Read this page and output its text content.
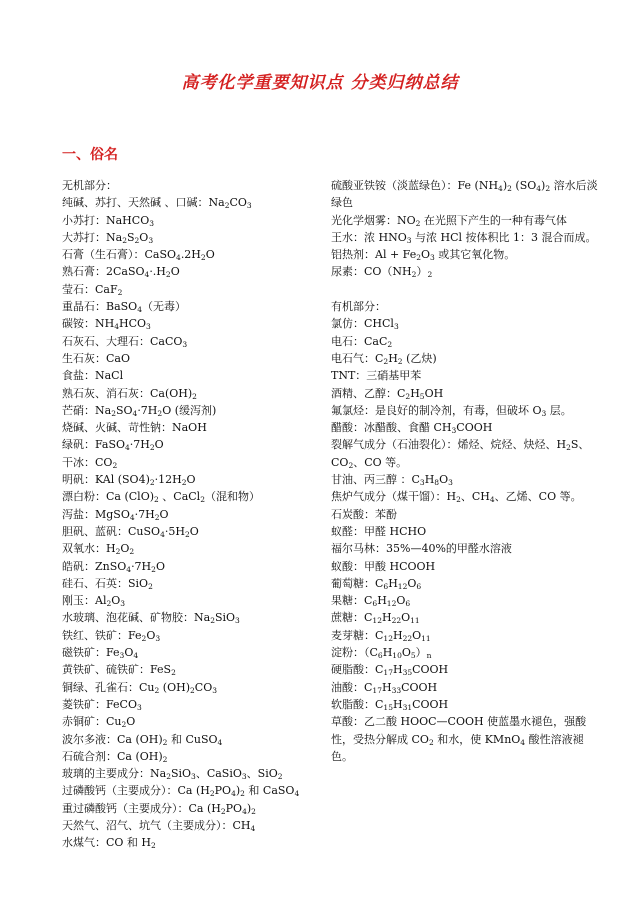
高考化学重要知识点 分类归纳总结
一、俗名
无机部分：
纯碱、苏打、天然碱 、口碱：$Na_2CO_3$
小苏打：NaHCO$_3$
大苏打：$Na_2S_2O_3$
石膏（生石膏）：$CaSO_4.2H_2O$
熟石膏：$2CaSO_4\cdot.H_2O$
莹石：CaF$_2$
重晶石：BaSO$_4$（无毒）
碳铵：$NH_4HCO_3$
石灰石、大理石：CaCO$_3$
生石灰：CaO
食盐：NaCl
熟石灰、消石灰：$Ca(OH)_2$
芒硝：$Na_2SO_4\cdot 7H_2O$ (缓泻剂)
烧碱、火碱、苛性钠：NaOH
绿矾：$FaSO_4\cdot 7H_2O$
干冰：$CO_2$
明矾：KAl $(SO4)_2\cdot 12H_2O$
漂白粉：Ca $(ClO)_2$ 、CaCl$_2$（混和物）
泻盐：$MgSO_4\cdot 7H_2O$
胆矾、蓝矾：$CuSO_4\cdot 5H_2O$
双氧水：$H_2O_2$
皓矾：$ZnSO_4\cdot 7H_2O$
硅石、石英：SiO$_2$
刚玉：$Al_2O_3$
水玻璃、泡花碱、矿物胶：$Na_2SiO_3$
铁红、铁矿：$Fe_2O_3$
磁铁矿：$Fe_3O_4$
黄铁矿、硫铁矿：FeS$_2$
铜绿、孔雀石：$Cu_2$ $(OH)_2CO_3$
菱铁矿：FeCO$_3$
赤铜矿：$Cu_2O$
波尔多液：Ca $(OH)_2$ 和 CuSO$_4$
石硫合剂：Ca $(OH)_2$
玻璃的主要成分：$Na_2SiO_3$、CaSiO$_3$、SiO$_2$
过磷酸钙（主要成分）：Ca $(H_2PO_4)_2$ 和 CaSO$_4$
重过磷酸钙（主要成分）：Ca $(H_2PO_4)_2$
天然气、沼气、坑气（主要成分）：$CH_4$
水煤气：CO 和 $H_2$
硫酸亚铁铵（淡蓝绿色）：Fe $(NH_4)_2$ $(SO_4)_2$ 溶水后淡绿色
光化学烟雾：$NO_2$ 在光照下产生的一种有毒气体
王水：浓 $HNO_3$ 与浓 HCl 按体积比 1：3 混合而成。
铝热剂：$Al + Fe_2O_3$ 或其它氧化物。
尿素：$CO(NH_2)_2$
有机部分：
氯仿：CHCl$_3$
电石：CaC$_2$
电石气：$C_2H_2$ (乙炔)
TNT：三硝基甲苯
酒精、乙醇：$C_2H_5OH$
氟氯烃：是良好的制冷剂，有毒，但破坏 $O_3$ 层。
醋酸：冰醋酸、食醋 $CH_3COOH$
裂解气成分（石油裂化）：烯烃、烷烃、炔烃、$H_2S$、$CO_2$、CO 等。
甘油、丙三醇 ：$C_3H_8O_3$
焦炉气成分（煤干馏）：$H_2$、$CH_4$、乙烯、CO 等。
石炭酸：苯酚
蚁醛：甲醛 HCHO
福尔马林：35%—40%的甲醛水溶液
蚁酸：甲酸 HCOOH
葡萄糖：$C_6H_{12}O_6$
果糖：$C_6H_{12}O_6$
蔗糖：$C_{12}H_{22}O_{11}$
麦芽糖：$C_{12}H_{22}O_{11}$
淀粉：$(C_6H_{10}O_5)_n$
硬脂酸：$C_{17}H_{35}COOH$
油酸：$C_{17}H_{33}COOH$
软脂酸：$C_{15}H_{31}COOH$
草酸：乙二酸 HOOC—COOH 使蓝墨水褪色，强酸性，受热分解成 $CO_2$ 和水，使 KMnO$_4$ 酸性溶液褪色。
